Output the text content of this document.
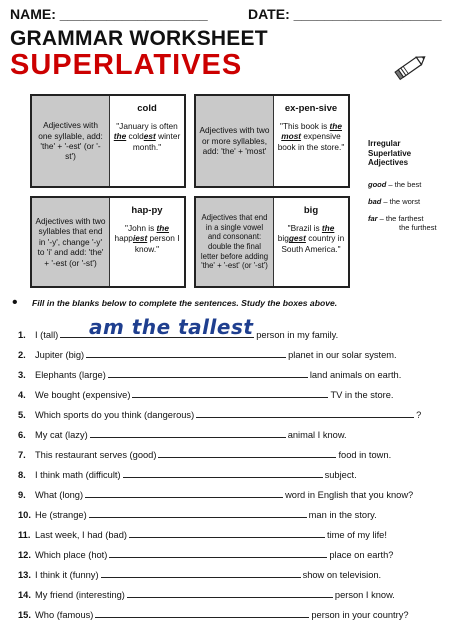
NAME: ___________________	DATE: ___________________
GRAMMAR WORKSHEET
SUPERLATIVES
Adjectives with one syllable, add: 'the' + '-est' (or '-st')
cold
"January is often the coldest winter month."
Adjectives with two or more syllables, add: 'the' + 'most'
ex-pen-sive
"This book is the most expensive book in the store."
Adjectives with two syllables that end in '-y', change '-y' to 'i' and add: 'the' + '-est (or '-st')
hap-py
"John is the happiest person I know."
Adjectives that end in a single vowel and consonant: double the final letter before adding 'the' + '-est' (or '-st')
big
"Brazil is the biggest country in South America."
Irregular Superlative Adjectives
good – the best
bad – the worst
far – the farthest
the furthest
• Fill in the blanks below to complete the sentences. Study the boxes above.
am the tallest
1. I (tall)	person in my family.
2. Jupiter (big)	planet in our solar system.
3. Elephants (large)	land animals on earth.
4. We bought (expensive)	TV in the store.
5. Which sports do you think (dangerous)	?
6. My cat (lazy)	animal I know.
7. This restaurant serves (good)	food in town.
8. I think math (difficult)	subject.
9. What (long)	word in English that you know?
10. He (strange)	man in the story.
11. Last week, I had (bad)	time of my life!
12. Which place (hot)	place on earth?
13. I think it (funny)	show on television.
14. My friend (interesting)	person I know.
15. Who (famous)	person in your country?
